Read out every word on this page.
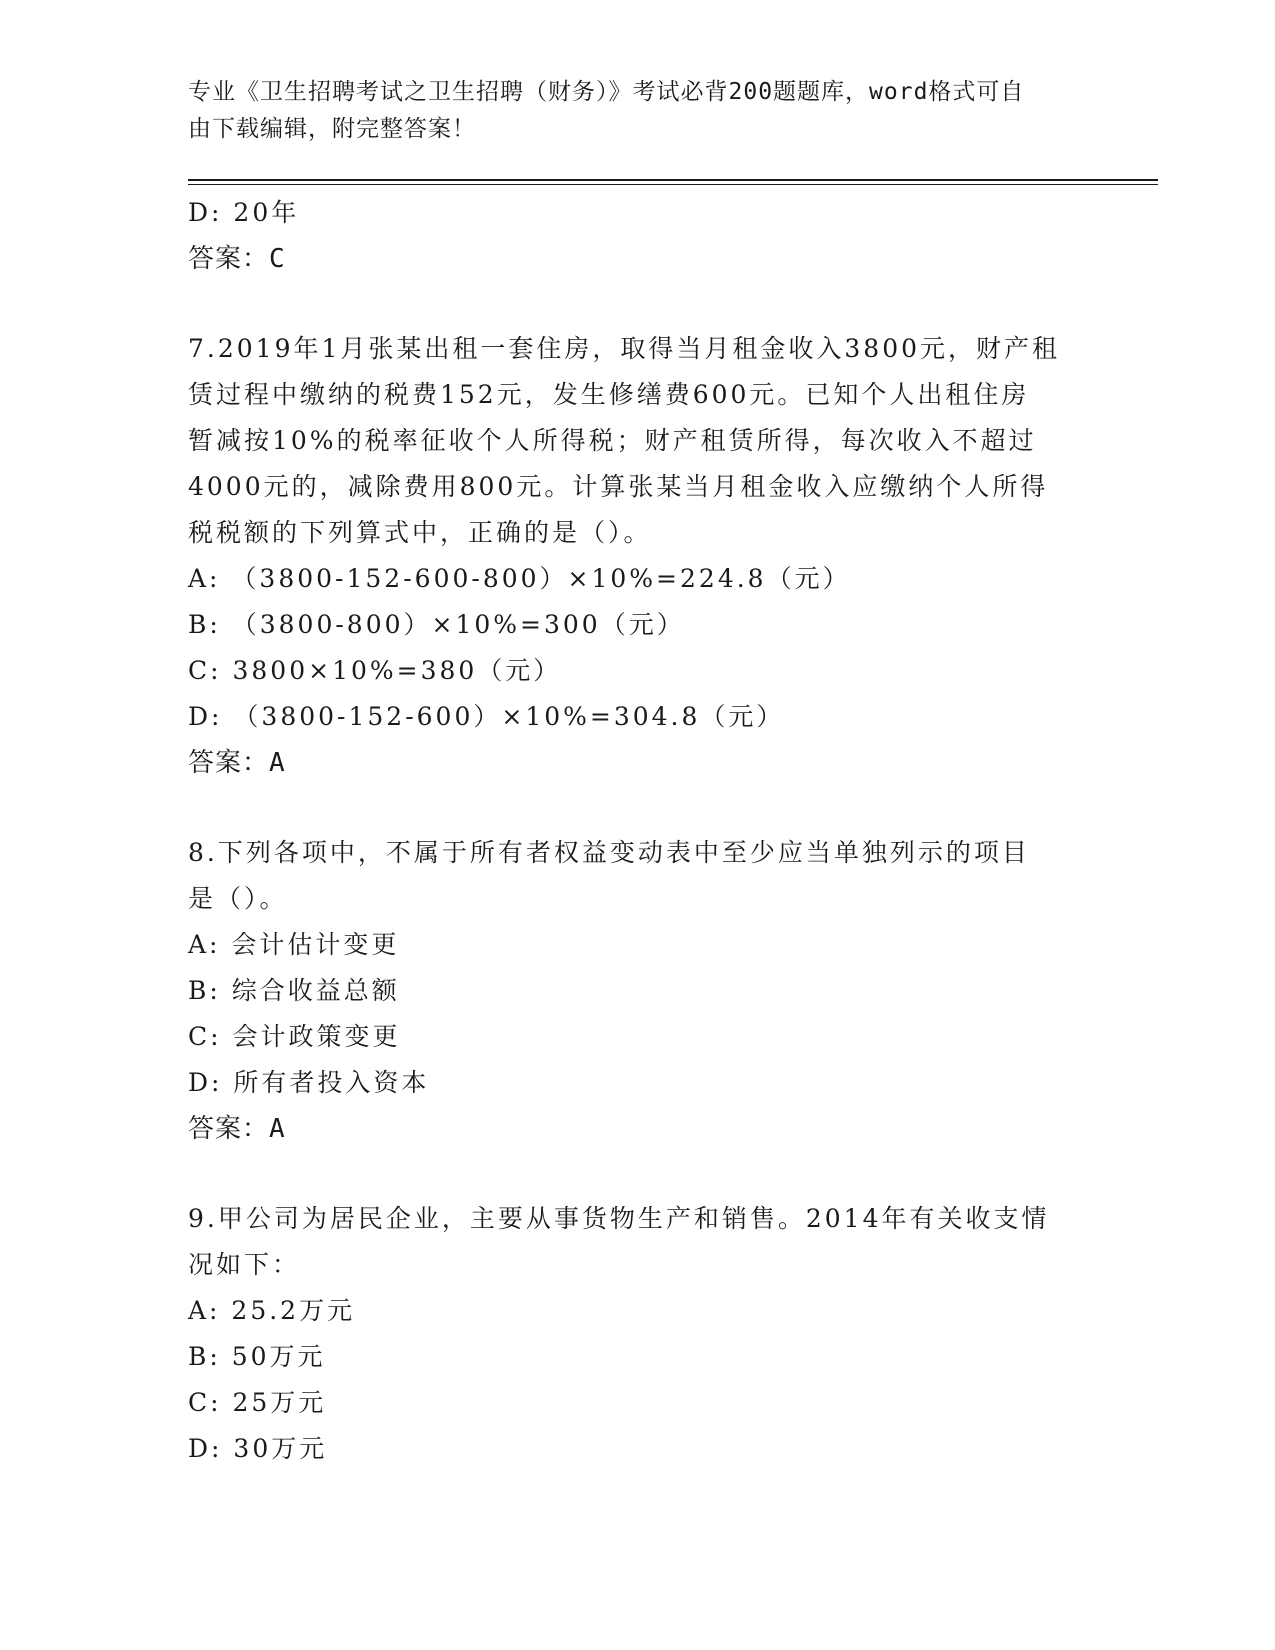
专业《卫生招聘考试之卫生招聘（财务）》考试必背200题题库，word格式可自
由下载编辑，附完整答案！
D: 20年
答案：C
7.2019年1月张某出租一套住房，取得当月租金收入3800元，财产租
赁过程中缴纳的税费152元，发生修缮费600元。已知个人出租住房
暂减按10%的税率征收个人所得税；财产租赁所得，每次收入不超过
4000元的，减除费用800元。计算张某当月租金收入应缴纳个人所得
税税额的下列算式中，正确的是（）。
A: （3800-152-600-800）×10%=224.8（元）
B: （3800-800）×10%=300（元）
C: 3800×10%=380（元）
D: （3800-152-600）×10%=304.8（元）
答案：A
8.下列各项中，不属于所有者权益变动表中至少应当单独列示的项目
是（）。
A: 会计估计变更
B: 综合收益总额
C: 会计政策变更
D: 所有者投入资本
答案：A
9.甲公司为居民企业，主要从事货物生产和销售。2014年有关收支情
况如下：
A: 25.2万元
B: 50万元
C: 25万元
D: 30万元
